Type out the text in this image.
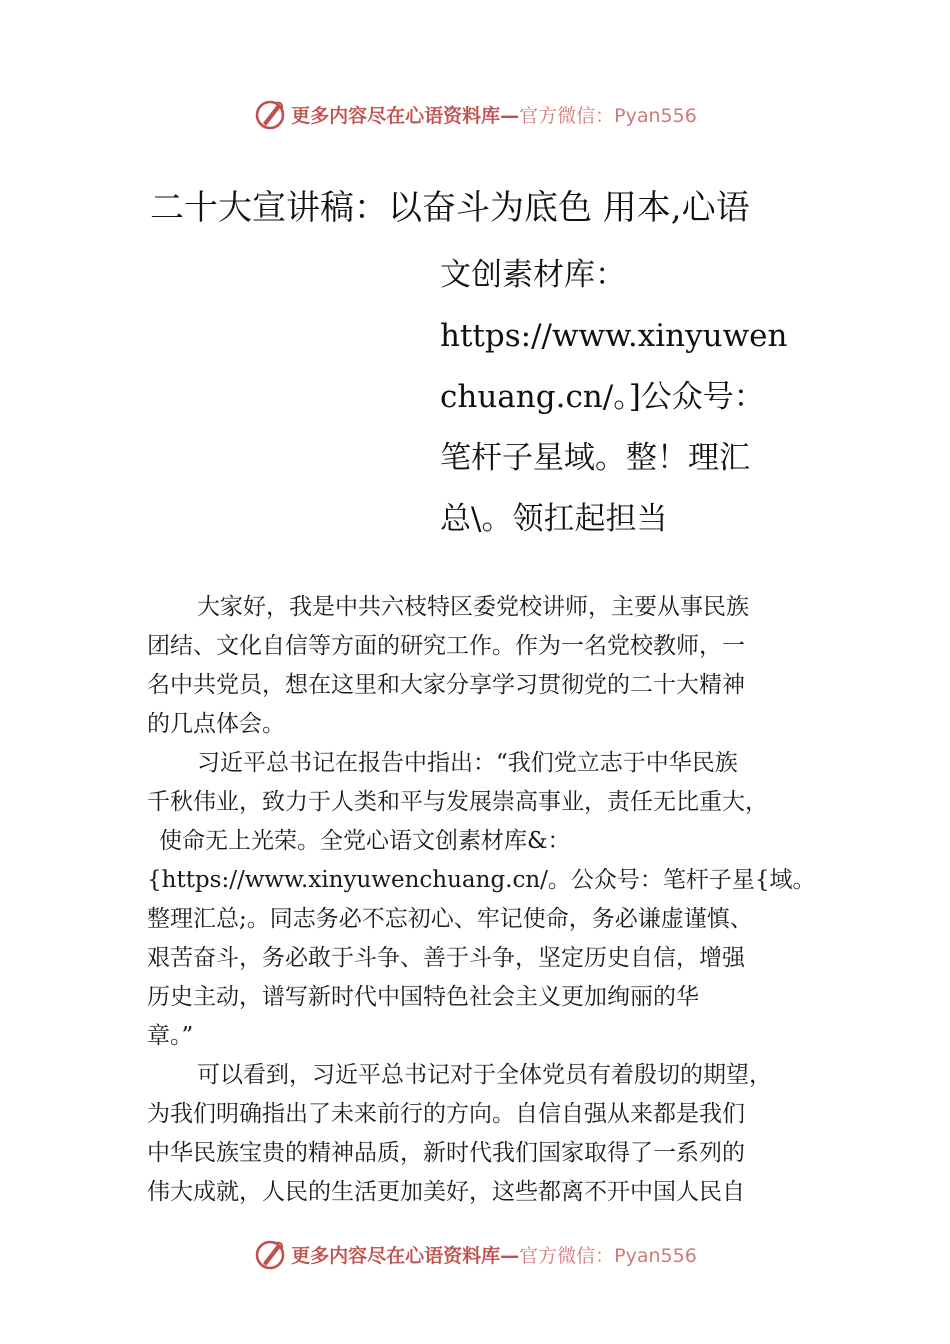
更多内容尽在心语资料库—官方微信：Pyan556
二十大宣讲稿：以奋斗为底色 用本,心语
文创素材库：
https://www.xinyuwen
chuang.cn/。]公众号：
笔杆子星域。整！理汇
总\。领扛起担当
大家好，我是中共六枝特区委党校讲师，主要从事民族
团结、文化自信等方面的研究工作。作为一名党校教师，一
名中共党员，想在这里和大家分享学习贯彻党的二十大精神
的几点体会。
习近平总书记在报告中指出：“我们党立志于中华民族
千秋伟业，致力于人类和平与发展崇高事业，责任无比重大，
使命无上光荣。全党心语文创素材库&：
{https://www.xinyuwenchuang.cn/。公众号：笔杆子星{域。
整理汇总;。同志务必不忘初心、牢记使命，务必谦虚谨慎、
艰苦奋斗，务必敢于斗争、善于斗争，坚定历史自信，增强
历史主动，谱写新时代中国特色社会主义更加绚丽的华
章。”
可以看到，习近平总书记对于全体党员有着殷切的期望，
为我们明确指出了未来前行的方向。自信自强从来都是我们
中华民族宝贵的精神品质，新时代我们国家取得了一系列的
伟大成就，人民的生活更加美好，这些都离不开中国人民自
更多内容尽在心语资料库—官方微信：Pyan556
